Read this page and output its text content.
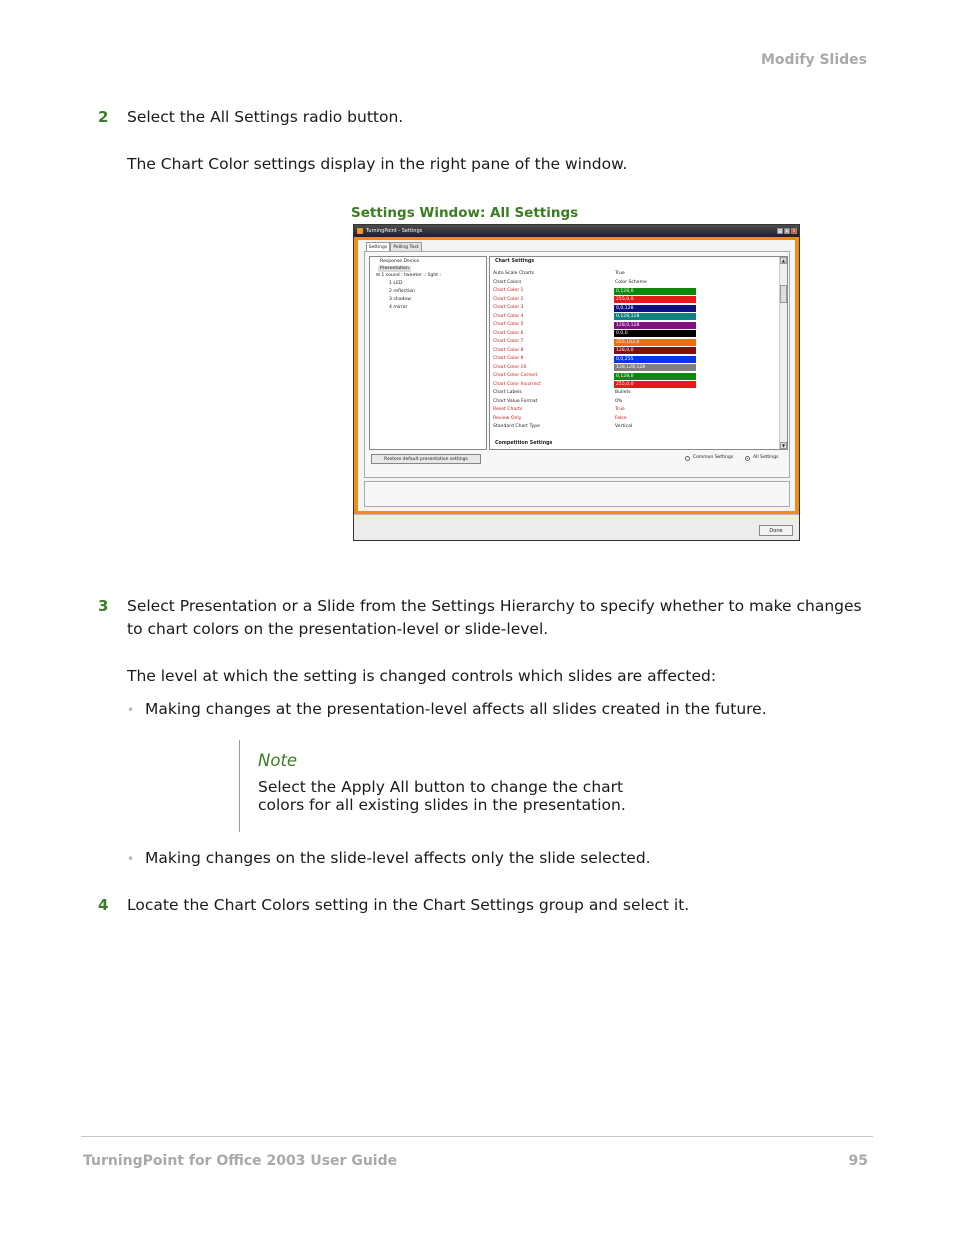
Modify Slides
2 Select the All Settings radio button.
The Chart Color settings display in the right pane of the window.
Settings Window: All Settings
TurningPoint - Settings	–	□ ×
Settings	Polling Text
Response Device
Presentation
⊟ 1 sound : tweeter :: light :
1 LED
2 reflection
3 shadow
4 mirror
Chart Settings
Auto Scale Charts	True
Chart Colors	Color Scheme
Chart Color 1	0,128,0
Chart Color 2	255,0,0
Chart Color 3	0,0,128
Chart Color 4	0,128,128
Chart Color 5	128,0,128
Chart Color 6	0,0,0
Chart Color 7	255,102,0
Chart Color 8	128,0,0
Chart Color 9	0,0,255
Chart Color 10	128,128,128
Chart Color Correct	0,128,0
Chart Color Incorrect	255,0,0
Chart Labels	Bullets
Chart Value Format	0%
Reset Charts	True
Review Only	False
Standard Chart Type	Vertical
Competition Settings
▲
▼
Restore default presentation settings	Common Settings	All Settings
Done
3 Select Presentation or a Slide from the Settings Hierarchy to specify whether to make changes to chart colors on the presentation-level or slide-level.
The level at which the setting is changed controls which slides are affected:
• Making changes at the presentation-level affects all slides created in the future.
Note
Select the Apply All button to change the chart colors for all existing slides in the presentation.
• Making changes on the slide-level affects only the slide selected.
4 Locate the Chart Colors setting in the Chart Settings group and select it.
TurningPoint for Office 2003 User Guide	95
